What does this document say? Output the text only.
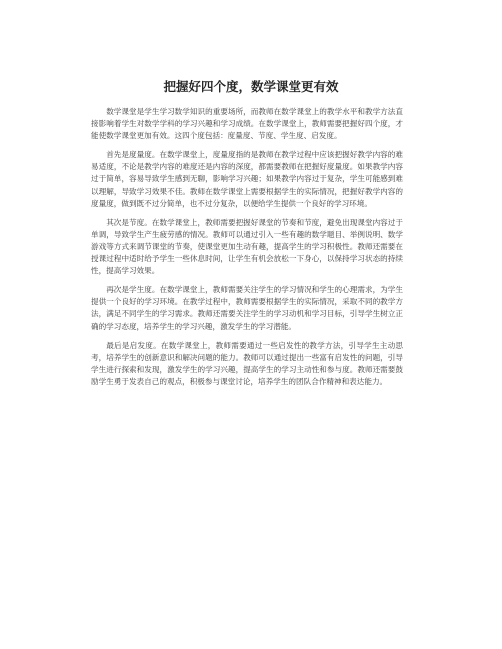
把握好四个度，数学课堂更有效

数学课堂是学生学习数学知识的重要场所，而教师在数学课堂上的教学水平和教学方法直接影响着学生对数学学科的学习兴趣和学习成绩。在数学课堂上，教师需要把握好四个度，才能使数学课堂更加有效。这四个度包括：度量度、节度、学生度、启发度。

首先是度量度。在数学课堂上，度量度指的是教师在教学过程中应该把握好教学内容的难易适度，不论是教学内容的难度还是内容的深度，都需要教师在把握好度量度。如果教学内容过于简单，容易导致学生感到无聊，影响学习兴趣；如果教学内容过于复杂，学生可能感到难以理解，导致学习效果不佳。教师在数学课堂上需要根据学生的实际情况，把握好教学内容的度量度，做到既不过分简单，也不过分复杂，以便给学生提供一个良好的学习环境。

其次是节度。在数学课堂上，教师需要把握好课堂的节奏和节度，避免出现课堂内容过于单调，导致学生产生疲劳感的情况。教师可以通过引入一些有趣的数学题目、举例说明、数学游戏等方式来调节课堂的节奏，使课堂更加生动有趣，提高学生的学习积极性。教师还需要在授课过程中适时给予学生一些休息时间，让学生有机会放松一下身心，以保持学习状态的持续性，提高学习效果。

再次是学生度。在数学课堂上，教师需要关注学生的学习情况和学生的心理需求，为学生提供一个良好的学习环境。在教学过程中，教师需要根据学生的实际情况，采取不同的教学方法，满足不同学生的学习需求。教师还需要关注学生的学习动机和学习目标，引导学生树立正确的学习态度，培养学生的学习兴趣，激发学生的学习潜能。

最后是启发度。在数学课堂上，教师需要通过一些启发性的教学方法，引导学生主动思考，培养学生的创新意识和解决问题的能力。教师可以通过提出一些富有启发性的问题，引导学生进行探索和发现，激发学生的学习兴趣，提高学生的学习主动性和参与度。教师还需要鼓励学生勇于发表自己的观点，积极参与课堂讨论，培养学生的团队合作精神和表达能力。
